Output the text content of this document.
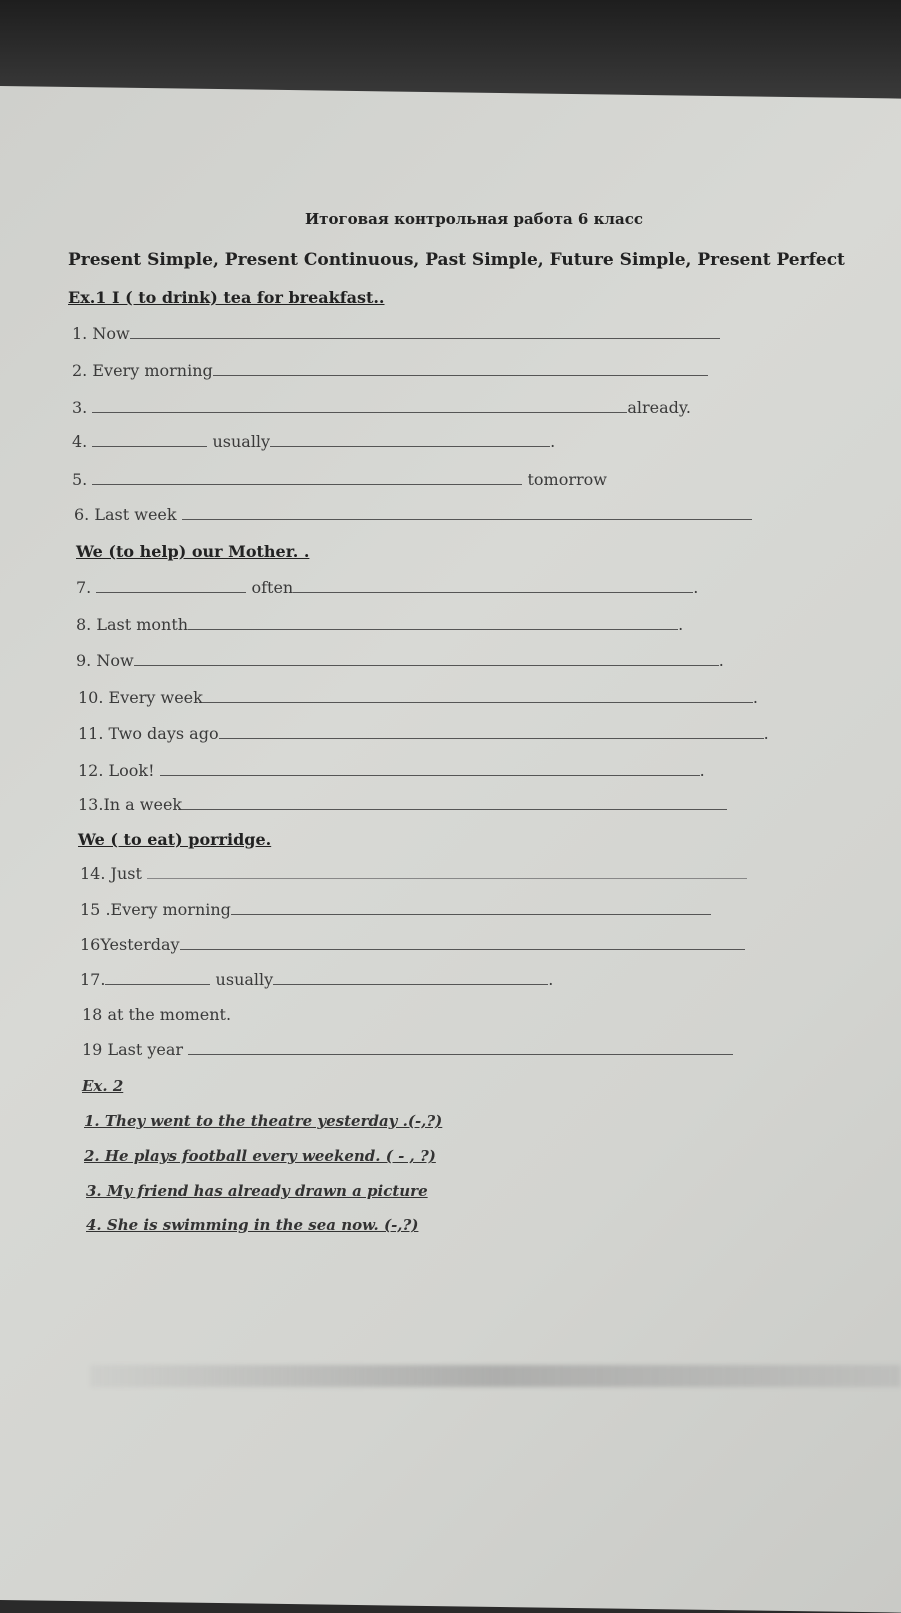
Итоговая контрольная работа 6 класс
Present Simple, Present Continuous, Past Simple, Future Simple, Present Perfect
Ex.1 I ( to drink) tea for breakfast..
1. Now
2. Every morning
3.	already.
4.	usually	.
5.	tomorrow
6. Last week
We (to help) our Mother. .
7.	often	.
8. Last month	.
9. Now	.
10. Every week	.
11. Two days ago	.
12. Look!	.
13.In a week
We ( to eat) porridge.
14. Just
15 .Every morning
16Yesterday
17.	usually	.
18 at the moment.
19 Last year
Ex. 2
1. They went to the theatre yesterday .(-,?)
2. He plays football every weekend. ( - , ?)
3. My friend has already drawn a picture
4. She is swimming in the sea now. (-,?)
